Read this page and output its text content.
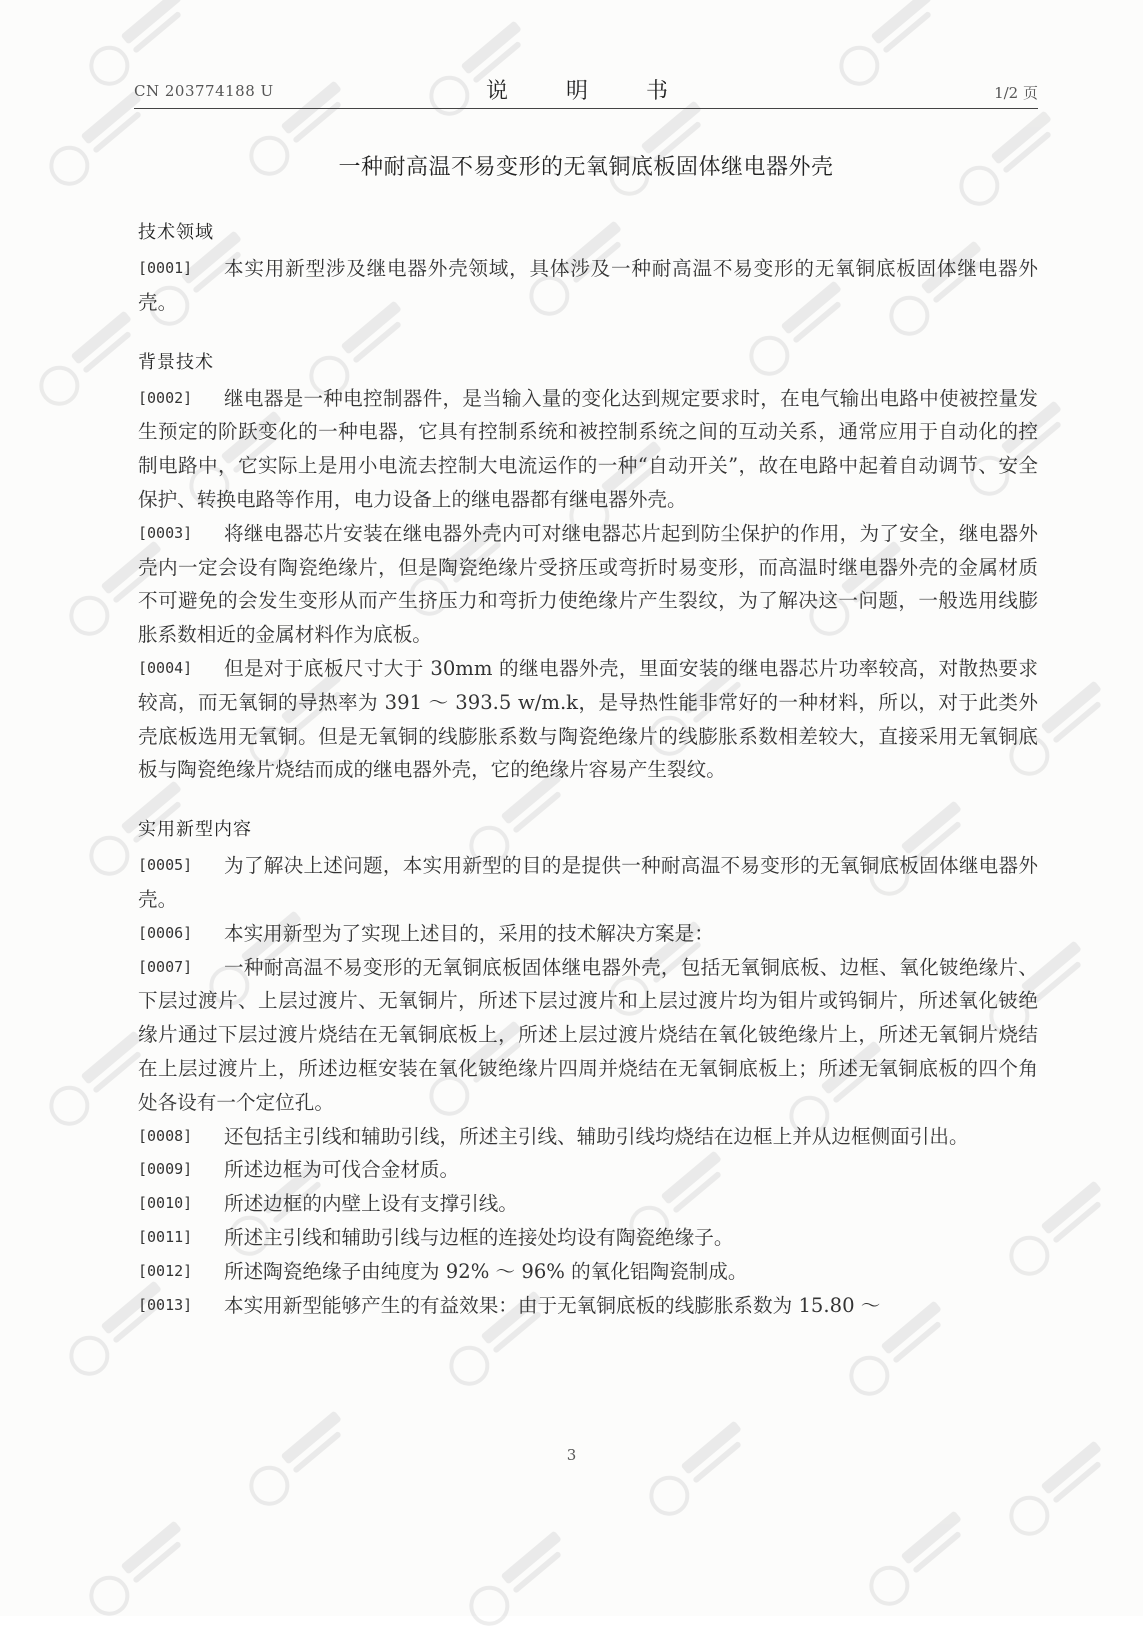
CN 203774188 U	说　明　书	1/2 页
一种耐高温不易变形的无氧铜底板固体继电器外壳
技术领域

[0001] 本实用新型涉及继电器外壳领域，具体涉及一种耐高温不易变形的无氧铜底板固体继电器外壳。

背景技术

[0002] 继电器是一种电控制器件，是当输入量的变化达到规定要求时，在电气输出电路中使被控量发生预定的阶跃变化的一种电器，它具有控制系统和被控制系统之间的互动关系，通常应用于自动化的控制电路中，它实际上是用小电流去控制大电流运作的一种“自动开关”，故在电路中起着自动调节、安全保护、转换电路等作用，电力设备上的继电器都有继电器外壳。

[0003] 将继电器芯片安装在继电器外壳内可对继电器芯片起到防尘保护的作用，为了安全，继电器外壳内一定会设有陶瓷绝缘片，但是陶瓷绝缘片受挤压或弯折时易变形，而高温时继电器外壳的金属材质不可避免的会发生变形从而产生挤压力和弯折力使绝缘片产生裂纹，为了解决这一问题，一般选用线膨胀系数相近的金属材料作为底板。

[0004] 但是对于底板尺寸大于 30mm 的继电器外壳，里面安装的继电器芯片功率较高，对散热要求较高，而无氧铜的导热率为 391 ～ 393.5 w/m.k，是导热性能非常好的一种材料，所以，对于此类外壳底板选用无氧铜。但是无氧铜的线膨胀系数与陶瓷绝缘片的线膨胀系数相差较大，直接采用无氧铜底板与陶瓷绝缘片烧结而成的继电器外壳，它的绝缘片容易产生裂纹。

实用新型内容

[0005] 为了解决上述问题，本实用新型的目的是提供一种耐高温不易变形的无氧铜底板固体继电器外壳。

[0006] 本实用新型为了实现上述目的，采用的技术解决方案是：

[0007] 一种耐高温不易变形的无氧铜底板固体继电器外壳，包括无氧铜底板、边框、氧化铍绝缘片、下层过渡片、上层过渡片、无氧铜片，所述下层过渡片和上层过渡片均为钼片或钨铜片，所述氧化铍绝缘片通过下层过渡片烧结在无氧铜底板上，所述上层过渡片烧结在氧化铍绝缘片上，所述无氧铜片烧结在上层过渡片上，所述边框安装在氧化铍绝缘片四周并烧结在无氧铜底板上；所述无氧铜底板的四个角处各设有一个定位孔。

[0008] 还包括主引线和辅助引线，所述主引线、辅助引线均烧结在边框上并从边框侧面引出。

[0009] 所述边框为可伐合金材质。

[0010] 所述边框的内壁上设有支撑引线。

[0011] 所述主引线和辅助引线与边框的连接处均设有陶瓷绝缘子。

[0012] 所述陶瓷绝缘子由纯度为 92% ～ 96% 的氧化铝陶瓷制成。

[0013] 本实用新型能够产生的有益效果：由于无氧铜底板的线膨胀系数为 15.80 ～

3
